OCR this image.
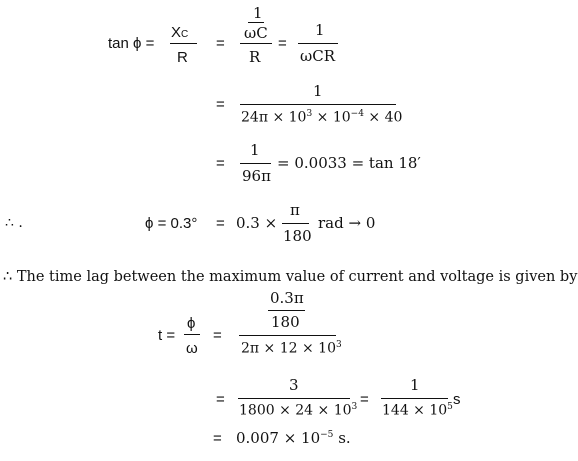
tan ϕ =
XC
R
=
1
ωC
R
=
1
ωCR
=
1
$24\pi \times 10^3 \times 10^{-4} \times 40$
=
1
96π
= 0.0033 = tan 18′
∴ .	ϕ = 0.3° = 0.3 ×
π
180
rad → 0
∴ The time lag between the maximum value of current and voltage is given by
t =
ϕ
ω
=
0.3π
180
$2\pi \times 12 \times 10^3$
=
3
$1800 \times 24 \times 10^3$ =
1
$144 \times 10^5$ s
= $0.007 \times 10^{-5}$ s.
